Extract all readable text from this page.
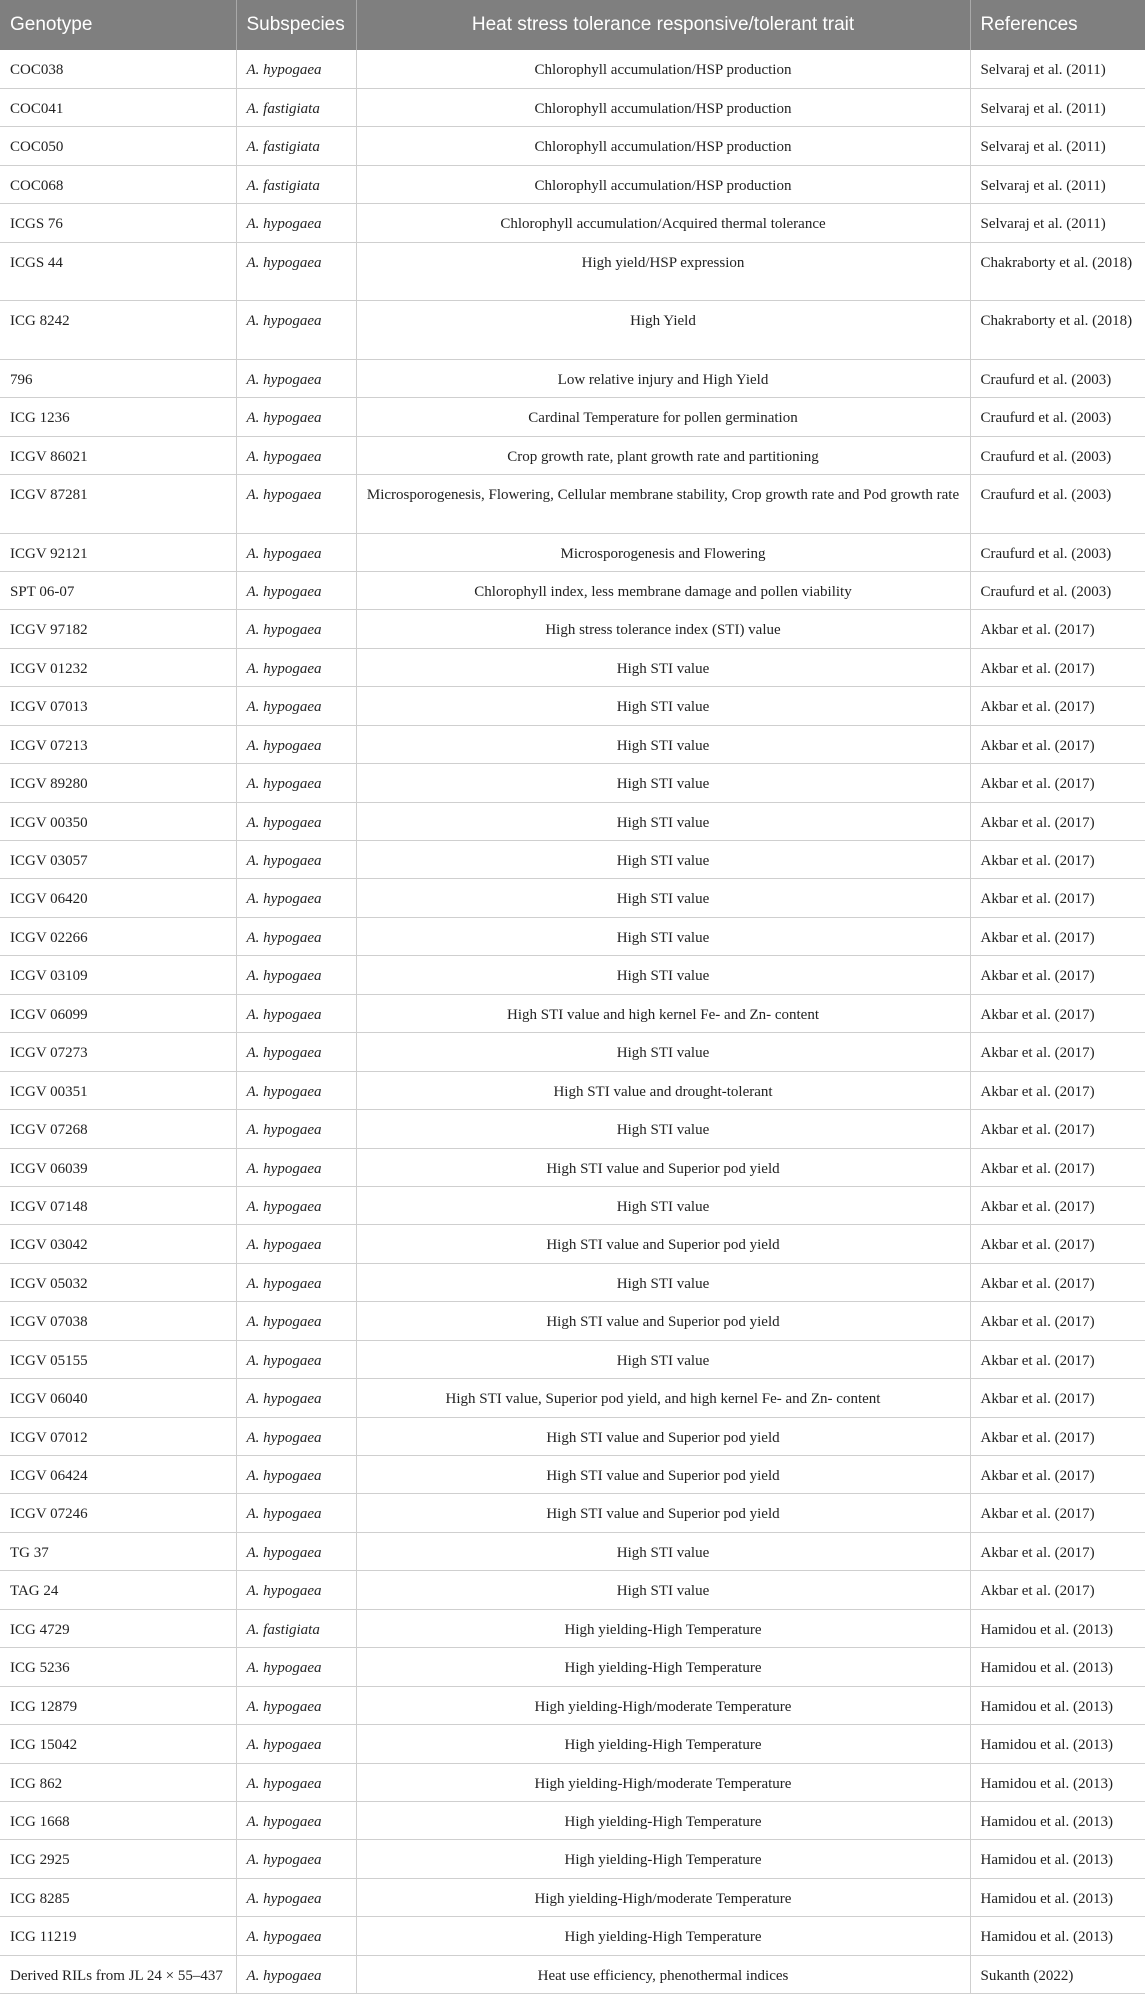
Genotype	Subspecies	Heat stress tolerance responsive/tolerant trait	References
COC038	A. hypogaea	Chlorophyll accumulation/HSP production	Selvaraj et al. (2011)
COC041	A. fastigiata	Chlorophyll accumulation/HSP production	Selvaraj et al. (2011)
COC050	A. fastigiata	Chlorophyll accumulation/HSP production	Selvaraj et al. (2011)
COC068	A. fastigiata	Chlorophyll accumulation/HSP production	Selvaraj et al. (2011)
ICGS 76	A. hypogaea	Chlorophyll accumulation/Acquired thermal tolerance	Selvaraj et al. (2011)
ICGS 44	A. hypogaea	High yield/HSP expression	Chakraborty et al. (2018)
ICG 8242	A. hypogaea	High Yield	Chakraborty et al. (2018)
796	A. hypogaea	Low relative injury and High Yield	Craufurd et al. (2003)
ICG 1236	A. hypogaea	Cardinal Temperature for pollen germination	Craufurd et al. (2003)
ICGV 86021	A. hypogaea	Crop growth rate, plant growth rate and partitioning	Craufurd et al. (2003)
ICGV 87281	A. hypogaea	Microsporogenesis, Flowering, Cellular membrane stability, Crop growth rate and Pod growth rate	Craufurd et al. (2003)
ICGV 92121	A. hypogaea	Microsporogenesis and Flowering	Craufurd et al. (2003)
SPT 06-07	A. hypogaea	Chlorophyll index, less membrane damage and pollen viability	Craufurd et al. (2003)
ICGV 97182	A. hypogaea	High stress tolerance index (STI) value	Akbar et al. (2017)
ICGV 01232	A. hypogaea	High STI value	Akbar et al. (2017)
ICGV 07013	A. hypogaea	High STI value	Akbar et al. (2017)
ICGV 07213	A. hypogaea	High STI value	Akbar et al. (2017)
ICGV 89280	A. hypogaea	High STI value	Akbar et al. (2017)
ICGV 00350	A. hypogaea	High STI value	Akbar et al. (2017)
ICGV 03057	A. hypogaea	High STI value	Akbar et al. (2017)
ICGV 06420	A. hypogaea	High STI value	Akbar et al. (2017)
ICGV 02266	A. hypogaea	High STI value	Akbar et al. (2017)
ICGV 03109	A. hypogaea	High STI value	Akbar et al. (2017)
ICGV 06099	A. hypogaea	High STI value and high kernel Fe- and Zn- content	Akbar et al. (2017)
ICGV 07273	A. hypogaea	High STI value	Akbar et al. (2017)
ICGV 00351	A. hypogaea	High STI value and drought-tolerant	Akbar et al. (2017)
ICGV 07268	A. hypogaea	High STI value	Akbar et al. (2017)
ICGV 06039	A. hypogaea	High STI value and Superior pod yield	Akbar et al. (2017)
ICGV 07148	A. hypogaea	High STI value	Akbar et al. (2017)
ICGV 03042	A. hypogaea	High STI value and Superior pod yield	Akbar et al. (2017)
ICGV 05032	A. hypogaea	High STI value	Akbar et al. (2017)
ICGV 07038	A. hypogaea	High STI value and Superior pod yield	Akbar et al. (2017)
ICGV 05155	A. hypogaea	High STI value	Akbar et al. (2017)
ICGV 06040	A. hypogaea	High STI value, Superior pod yield, and high kernel Fe- and Zn- content	Akbar et al. (2017)
ICGV 07012	A. hypogaea	High STI value and Superior pod yield	Akbar et al. (2017)
ICGV 06424	A. hypogaea	High STI value and Superior pod yield	Akbar et al. (2017)
ICGV 07246	A. hypogaea	High STI value and Superior pod yield	Akbar et al. (2017)
TG 37	A. hypogaea	High STI value	Akbar et al. (2017)
TAG 24	A. hypogaea	High STI value	Akbar et al. (2017)
ICG 4729	A. fastigiata	High yielding-High Temperature	Hamidou et al. (2013)
ICG 5236	A. hypogaea	High yielding-High Temperature	Hamidou et al. (2013)
ICG 12879	A. hypogaea	High yielding-High/moderate Temperature	Hamidou et al. (2013)
ICG 15042	A. hypogaea	High yielding-High Temperature	Hamidou et al. (2013)
ICG 862	A. hypogaea	High yielding-High/moderate Temperature	Hamidou et al. (2013)
ICG 1668	A. hypogaea	High yielding-High Temperature	Hamidou et al. (2013)
ICG 2925	A. hypogaea	High yielding-High Temperature	Hamidou et al. (2013)
ICG 8285	A. hypogaea	High yielding-High/moderate Temperature	Hamidou et al. (2013)
ICG 11219	A. hypogaea	High yielding-High Temperature	Hamidou et al. (2013)
Derived RILs from JL 24 × 55–437	A. hypogaea	Heat use efficiency, phenothermal indices	Sukanth (2022)
